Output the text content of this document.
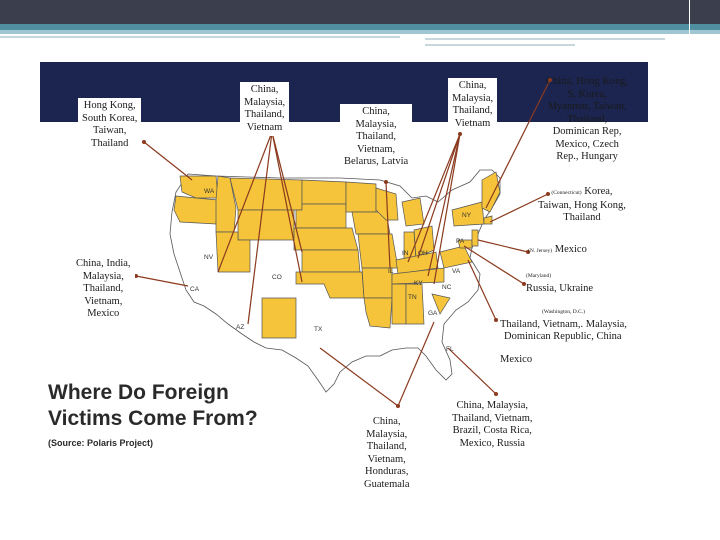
WA
NV
CA
AZ
CO
TX
IL
IN OH
KY
TN
GA
FL
NC
VA
PA
NY
Hong Kong,
South Korea,
Taiwan,
Thailand
China,
Malaysia,
Thailand,
Vietnam
China,
Malaysia,
Thailand,
Vietnam,
Belarus, Latvia
China,
Malaysia,
Thailand,
Vietnam
China, Hong Kong,
S. Korea,
Myanmar, Taiwan,
Thailand,
Dominican Rep,
Mexico, Czech
Rep., Hungary
(Connecticut) Korea,
Taiwan, Hong Kong,
Thailand
(N. Jersey) Mexico
(Maryland)
Russia, Ukraine
(Washington, D.C.)
Thailand, Vietnam,. Malaysia,
Dominican Republic, China
Mexico
China, India,
Malaysia,
Thailand,
Vietnam,
Mexico
China,
Malaysia,
Thailand,
Vietnam,
Honduras,
Guatemala
China, Malaysia,
Thailand, Vietnam,
Brazil, Costa Rica,
Mexico, Russia
Where Do Foreign
Victims Come From?
(Source: Polaris Project)
